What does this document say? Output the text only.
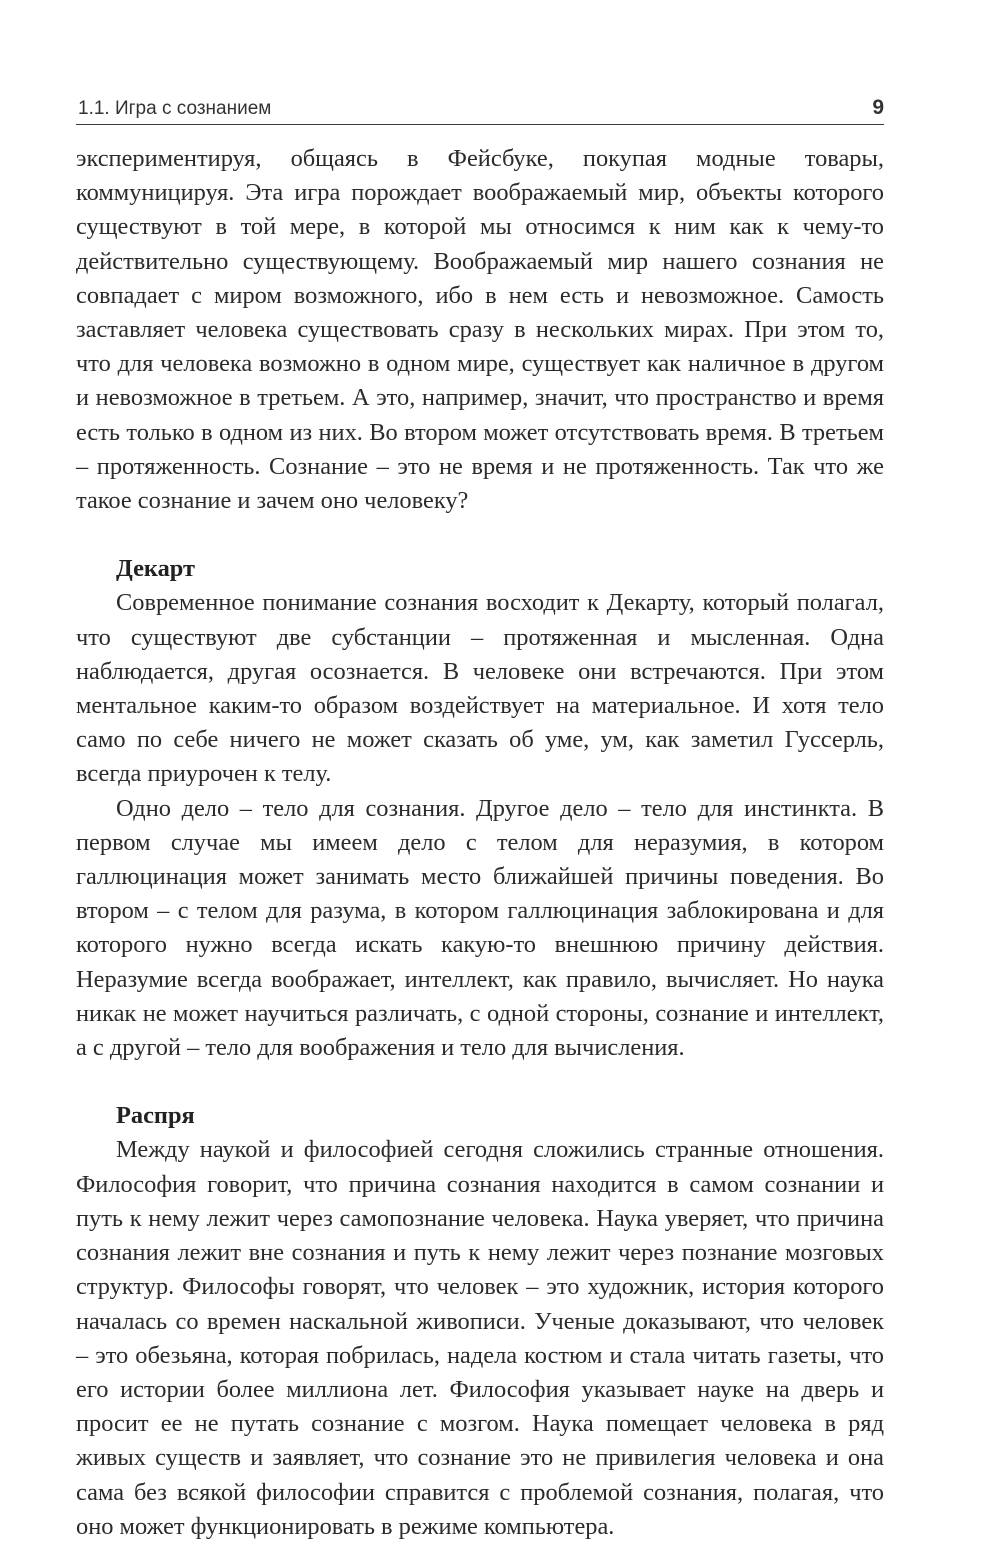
1.1. Игра с сознанием	9

экспериментируя, общаясь в Фейсбуке, покупая модные товары, коммуницируя. Эта игра порождает воображаемый мир, объекты которого существуют в той мере, в которой мы относимся к ним как к чему-то действительно существующему. Воображаемый мир нашего сознания не совпадает с миром возможного, ибо в нем есть и невозможное. Самость заставляет человека существовать сразу в нескольких мирах. При этом то, что для человека возможно в одном мире, существует как наличное в другом и невозможное в третьем. А это, например, значит, что пространство и время есть только в одном из них. Во втором может отсутствовать время. В третьем – протяженность. Сознание – это не время и не протяженность. Так что же такое сознание и зачем оно человеку?

Декарт

Современное понимание сознания восходит к Декарту, который полагал, что существуют две субстанции – протяженная и мысленная. Одна наблюдается, другая осознается. В человеке они встречаются. При этом ментальное каким-то образом воздействует на материальное. И хотя тело само по себе ничего не может сказать об уме, ум, как заметил Гуссерль, всегда приурочен к телу.

Одно дело – тело для сознания. Другое дело – тело для инстинкта. В первом случае мы имеем дело с телом для неразумия, в котором галлюцинация может занимать место ближайшей причины поведения. Во втором – с телом для разума, в котором галлюцинация заблокирована и для которого нужно всегда искать какую-то внешнюю причину действия. Неразумие всегда воображает, интеллект, как правило, вычисляет. Но наука никак не может научиться различать, с одной стороны, сознание и интеллект, а с другой – тело для воображения и тело для вычисления.

Распря

Между наукой и философией сегодня сложились странные отношения. Философия говорит, что причина сознания находится в самом сознании и путь к нему лежит через самопознание человека. Наука уверяет, что причина сознания лежит вне сознания и путь к нему лежит через познание мозговых структур. Философы говорят, что человек – это художник, история которого началась со времен наскальной живописи. Ученые доказывают, что человек – это обезьяна, которая побрилась, надела костюм и стала читать газеты, что его истории более миллиона лет. Философия указывает науке на дверь и просит ее не путать сознание с мозгом. Наука помещает человека в ряд живых существ и заявляет, что сознание это не привилегия человека и она сама без всякой философии справится с проблемой сознания, полагая, что оно может функционировать в режиме компьютера.
